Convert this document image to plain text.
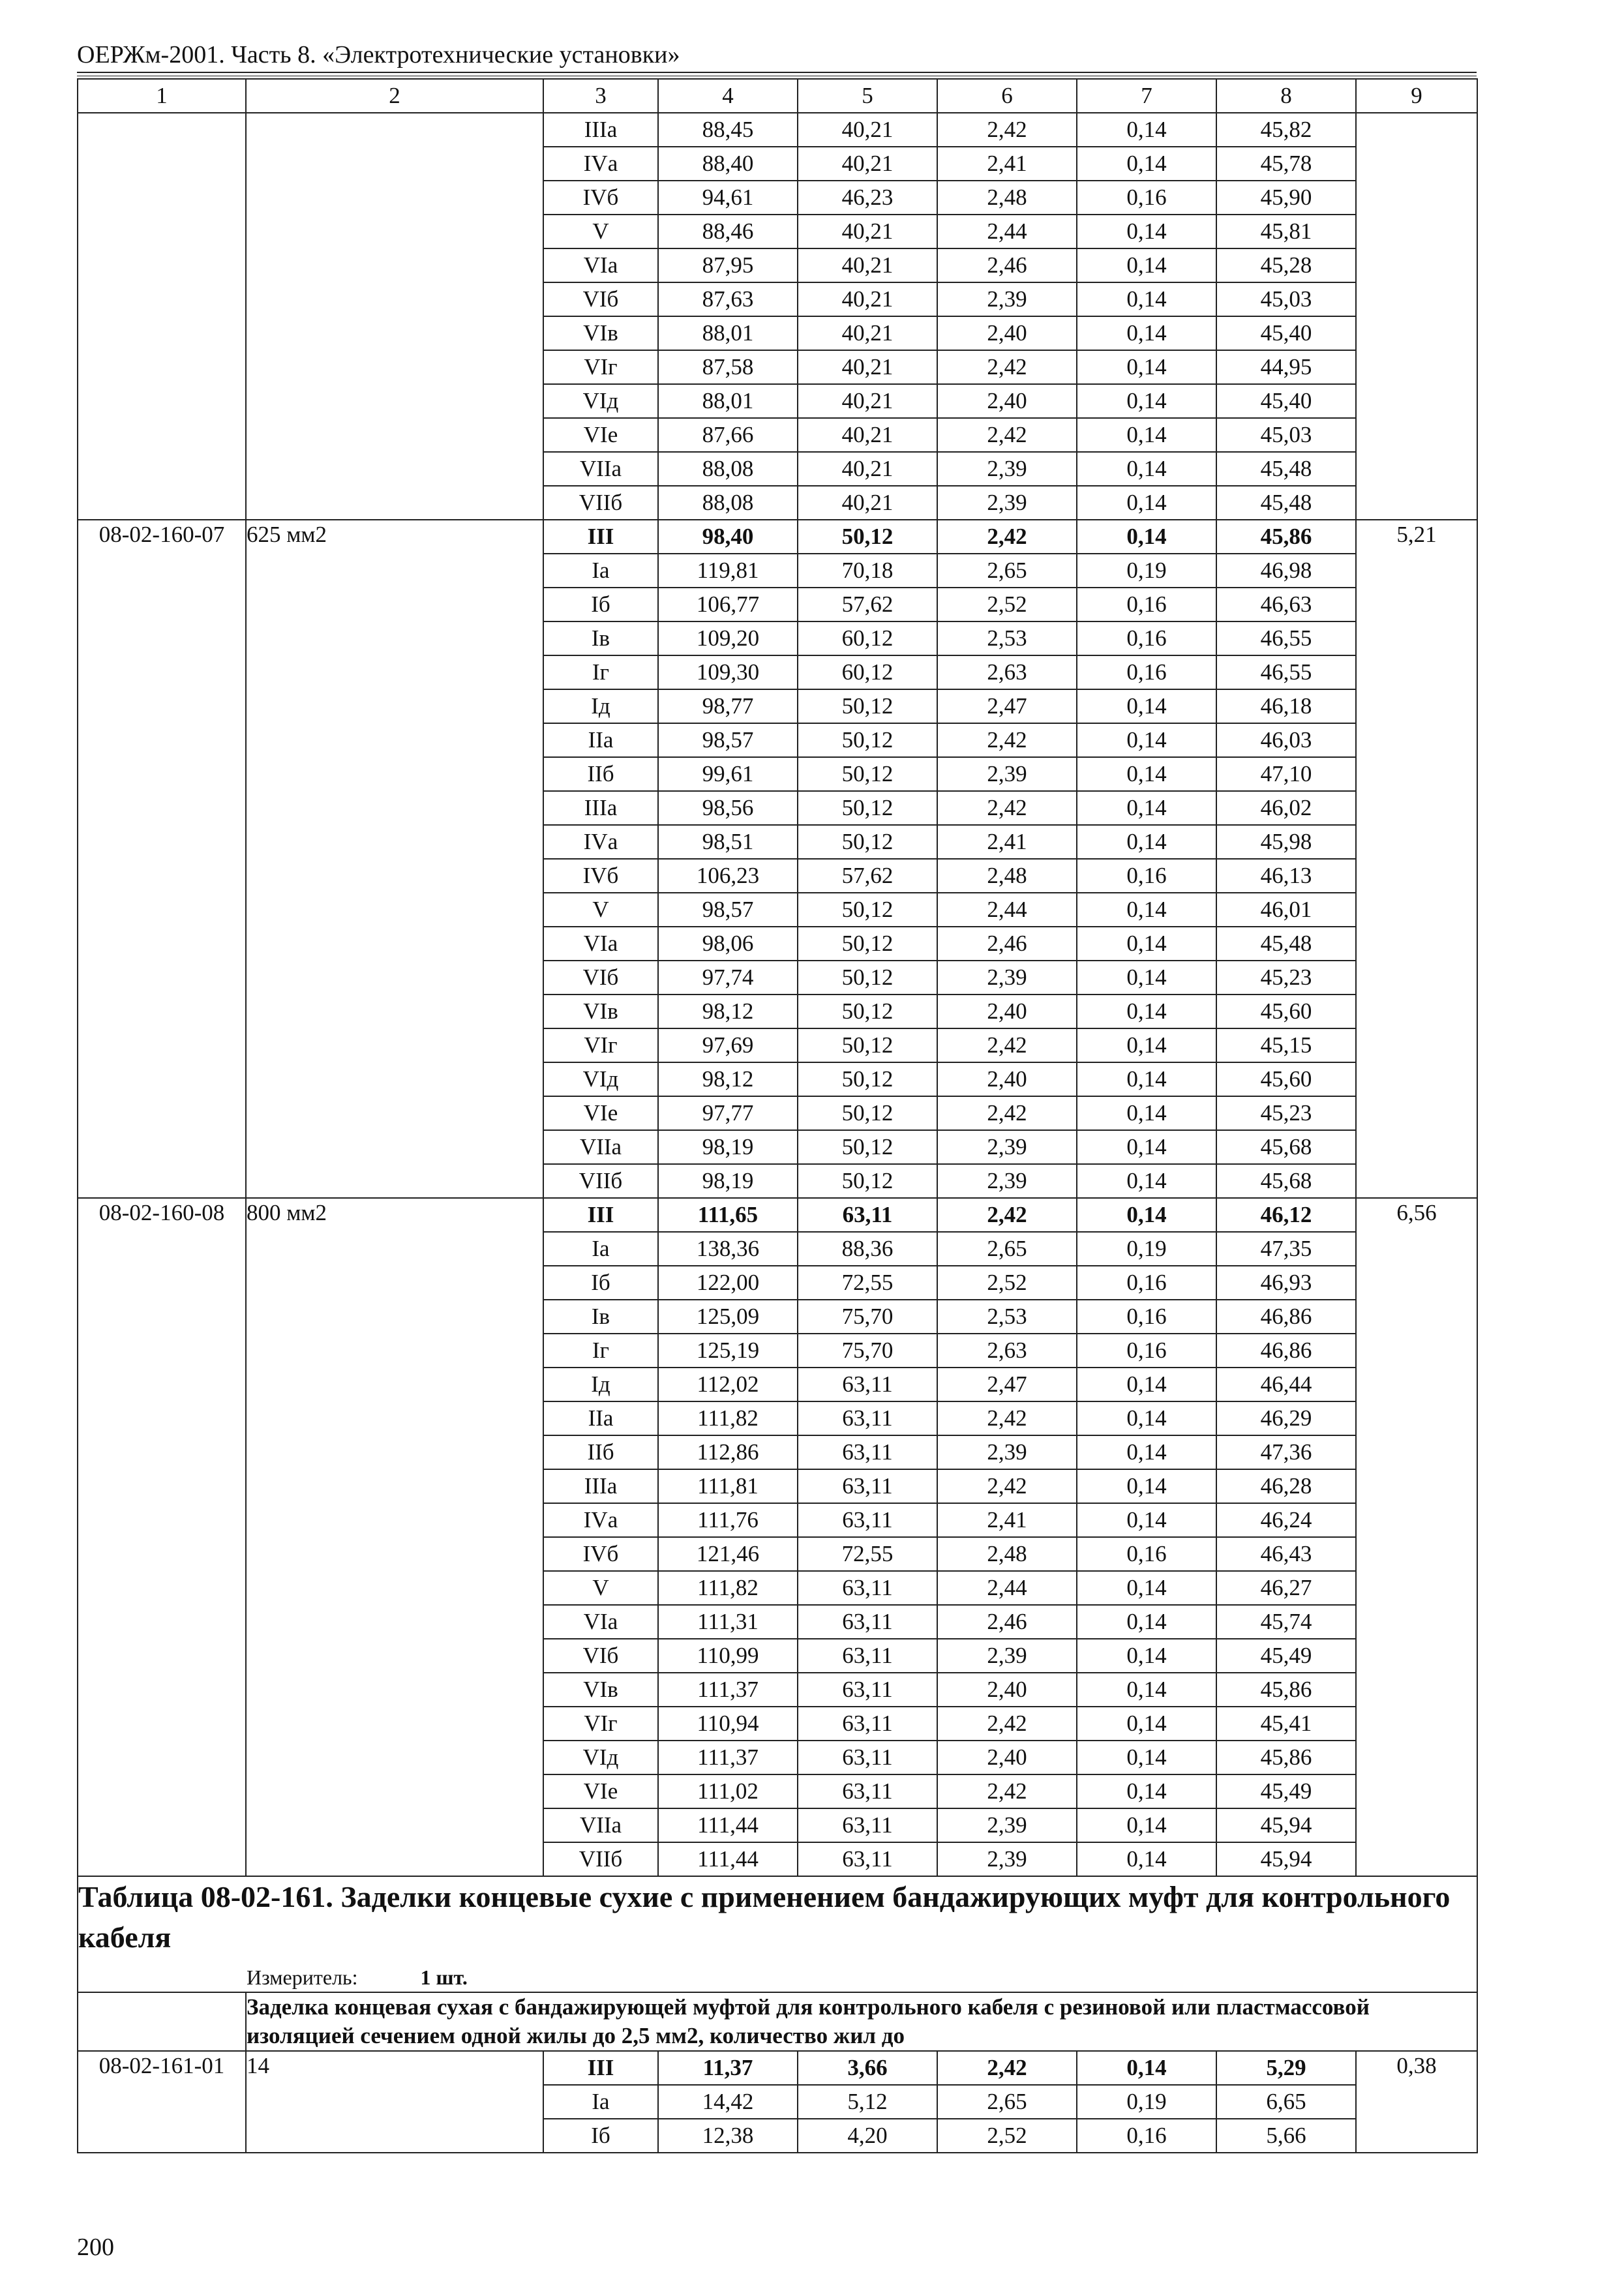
ОЕРЖм-2001. Часть 8. «Электротехнические установки»
1	2	3	4	5	6	7	8	9
		IIIа	88,45	40,21	2,42	0,14	45,82	
		IVа	88,40	40,21	2,41	0,14	45,78	
		IVб	94,61	46,23	2,48	0,16	45,90	
		V	88,46	40,21	2,44	0,14	45,81	
		VIа	87,95	40,21	2,46	0,14	45,28	
		VIб	87,63	40,21	2,39	0,14	45,03	
		VIв	88,01	40,21	2,40	0,14	45,40	
		VIг	87,58	40,21	2,42	0,14	44,95	
		VIд	88,01	40,21	2,40	0,14	45,40	
		VIе	87,66	40,21	2,42	0,14	45,03	
		VIIа	88,08	40,21	2,39	0,14	45,48	
		VIIб	88,08	40,21	2,39	0,14	45,48	
08-02-160-07	625 мм2	III	98,40	50,12	2,42	0,14	45,86	5,21
		Iа	119,81	70,18	2,65	0,19	46,98	
		Iб	106,77	57,62	2,52	0,16	46,63	
		Iв	109,20	60,12	2,53	0,16	46,55	
		Iг	109,30	60,12	2,63	0,16	46,55	
		Iд	98,77	50,12	2,47	0,14	46,18	
		IIа	98,57	50,12	2,42	0,14	46,03	
		IIб	99,61	50,12	2,39	0,14	47,10	
		IIIа	98,56	50,12	2,42	0,14	46,02	
		IVа	98,51	50,12	2,41	0,14	45,98	
		IVб	106,23	57,62	2,48	0,16	46,13	
		V	98,57	50,12	2,44	0,14	46,01	
		VIа	98,06	50,12	2,46	0,14	45,48	
		VIб	97,74	50,12	2,39	0,14	45,23	
		VIв	98,12	50,12	2,40	0,14	45,60	
		VIг	97,69	50,12	2,42	0,14	45,15	
		VIд	98,12	50,12	2,40	0,14	45,60	
		VIе	97,77	50,12	2,42	0,14	45,23	
		VIIа	98,19	50,12	2,39	0,14	45,68	
		VIIб	98,19	50,12	2,39	0,14	45,68	
08-02-160-08	800 мм2	III	111,65	63,11	2,42	0,14	46,12	6,56
		Iа	138,36	88,36	2,65	0,19	47,35	
		Iб	122,00	72,55	2,52	0,16	46,93	
		Iв	125,09	75,70	2,53	0,16	46,86	
		Iг	125,19	75,70	2,63	0,16	46,86	
		Iд	112,02	63,11	2,47	0,14	46,44	
		IIа	111,82	63,11	2,42	0,14	46,29	
		IIб	112,86	63,11	2,39	0,14	47,36	
		IIIа	111,81	63,11	2,42	0,14	46,28	
		IVа	111,76	63,11	2,41	0,14	46,24	
		IVб	121,46	72,55	2,48	0,16	46,43	
		V	111,82	63,11	2,44	0,14	46,27	
		VIа	111,31	63,11	2,46	0,14	45,74	
		VIб	110,99	63,11	2,39	0,14	45,49	
		VIв	111,37	63,11	2,40	0,14	45,86	
		VIг	110,94	63,11	2,42	0,14	45,41	
		VIд	111,37	63,11	2,40	0,14	45,86	
		VIе	111,02	63,11	2,42	0,14	45,49	
		VIIа	111,44	63,11	2,39	0,14	45,94	
		VIIб	111,44	63,11	2,39	0,14	45,94	

Таблица 08-02-161. Заделки концевые сухие с применением бандажирующих муфт для контрольного кабеля
Измеритель: 1 шт.								

	Заделка концевая сухая с бандажирующей муфтой для контрольного кабеля с резиновой или пластмассовой изоляцией сечением одной жилы до 2,5 мм2, количество жил до							
08-02-161-01	14	III	11,37	3,66	2,42	0,14	5,29	0,38
		Iа	14,42	5,12	2,65	0,19	6,65	
		Iб	12,38	4,20	2,52	0,16	5,66	
200
